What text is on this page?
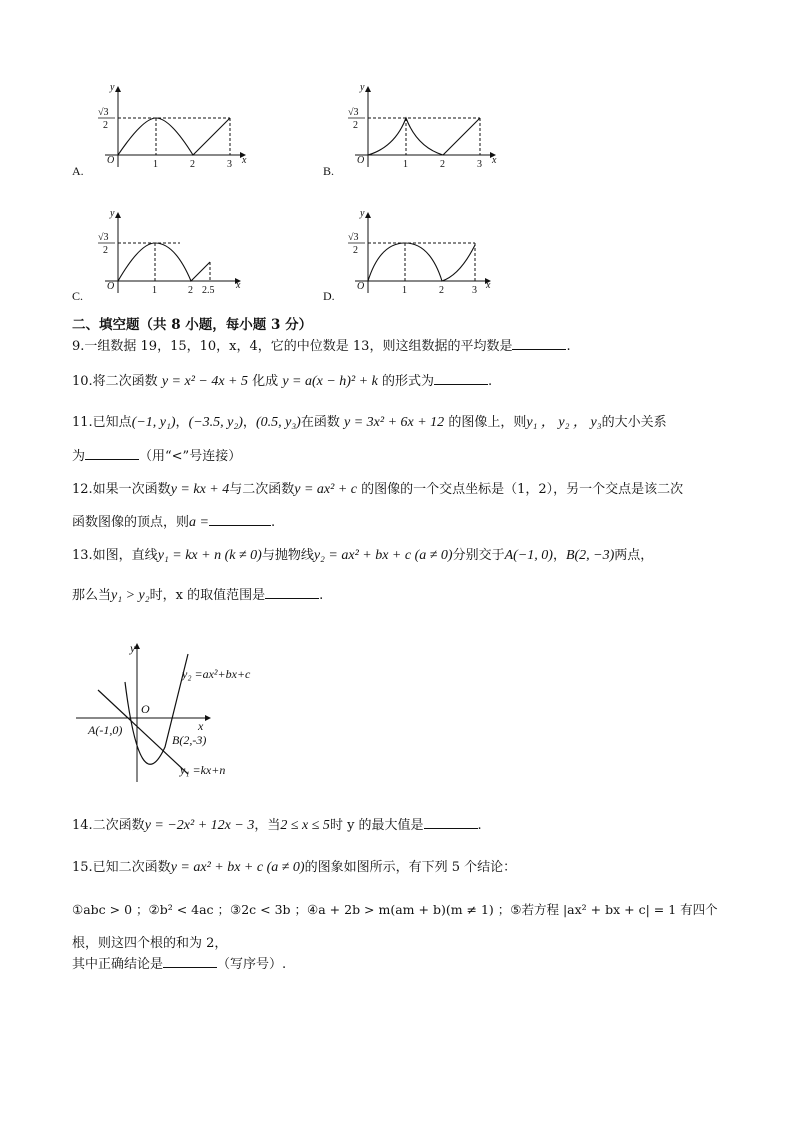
y
x
O
√3
2
1	2	3
y
x
O
√3
2
1	2	3
y
x
O
√3
2
1	2 2.5
y
x
O
√3
2
1	2	3
A.	B.
C.	D.
二、填空题（共 8 小题，每小题 3 分）
9.一组数据 19，15，10，x，4，它的中位数是 13，则这组数据的平均数是	.
10.将二次函数 y = x² − 4x + 5 化成 y = a(x − h)² + k 的形式为	.
11.已知点(−1, y₁)，(−3.5, y₂)，(0.5, y₃)在函数 y = 3x² + 6x + 12 的图像上，则y₁ ， y₂ ， y₃的大小关系
为	（用“<”号连接）
12.如果一次函数y = kx + 4与二次函数y = ax² + c 的图像的一个交点坐标是（1，2），另一个交点是该二次
函数图像的顶点，则a =	.
13.如图，直线y₁ = kx + n (k ≠ 0)与抛物线y₂ = ax² + bx + c (a ≠ 0)分别交于A(−1, 0)，B(2, −3)两点，
那么当y₁ > y₂时，x 的取值范围是	.
y
x
O
A(-1,0)
B(2,-3)
y₂ =ax²+bx+c
y₁ =kx+n
14.二次函数y = −2x² + 12x − 3，当2 ≤ x ≤ 5时 y 的最大值是	.
15.已知二次函数y = ax² + bx + c (a ≠ 0)的图象如图所示，有下列 5 个结论：
①abc > 0 ；②b² < 4ac ；③2c < 3b ；④a + 2b > m(am + b)(m ≠ 1) ；⑤若方程 |ax² + bx + c| = 1 有四个
根，则这四个根的和为 2，
其中正确结论是	（写序号）.
